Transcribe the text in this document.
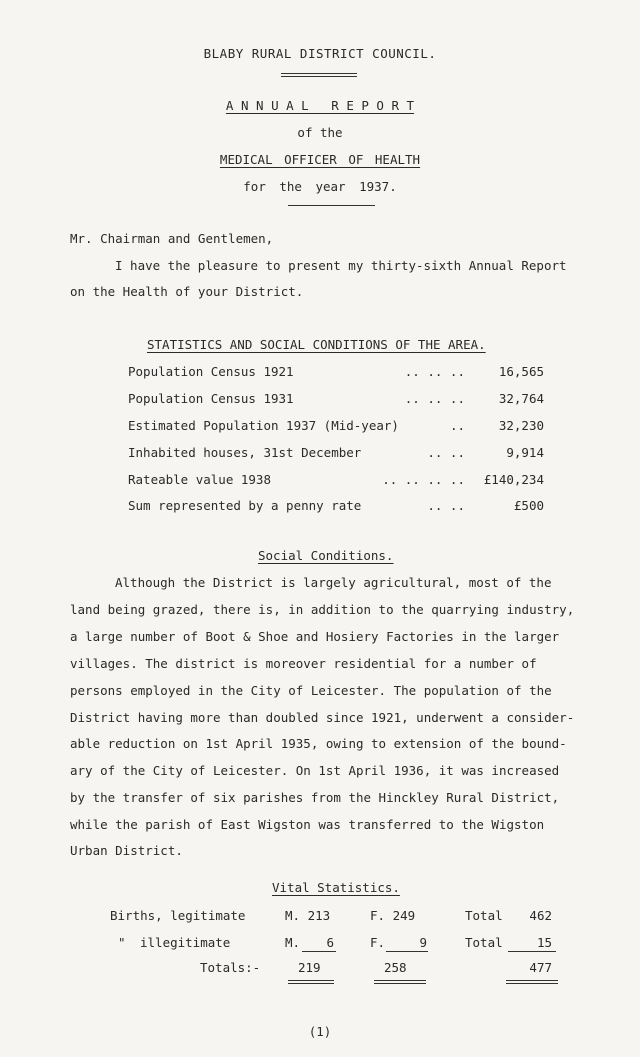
BLABY RURAL DISTRICT COUNCIL.
A N N U A L   R E P O R T
of the
MEDICAL OFFICER OF HEALTH
for the year 1937.
Mr. Chairman and Gentlemen,
I have the pleasure to present my thirty-sixth Annual Report
on the Health of your District.
STATISTICS AND SOCIAL CONDITIONS OF THE AREA.
Population Census 1921	.. .. ..	16,565
Population Census 1931	.. .. ..	32,764
Estimated Population 1937 (Mid-year)	..	32,230
Inhabited houses, 31st December	.. ..	9,914
Rateable value 1938	.. .. .. ..	£140,234
Sum represented by a penny rate	.. ..	£500
Social Conditions.
Although the District is largely agricultural, most of the
land being grazed, there is, in addition to the quarrying industry,
a large number of Boot & Shoe and Hosiery Factories in the larger
villages. The district is moreover residential for a number of
persons employed in the City of Leicester. The population of the
District having more than doubled since 1921, underwent a consider-
able reduction on 1st April 1935, owing to extension of the bound-
ary of the City of Leicester. On 1st April 1936, it was increased
by the transfer of six parishes from the Hinckley Rural District,
while the parish of East Wigston was transferred to the Wigston
Urban District.
Vital Statistics.
Births, legitimate	M. 213	F. 249	Total	462
" illegitimate	M.	6	F.	9	Total	15
Totals:-	219	258	477
(1)
